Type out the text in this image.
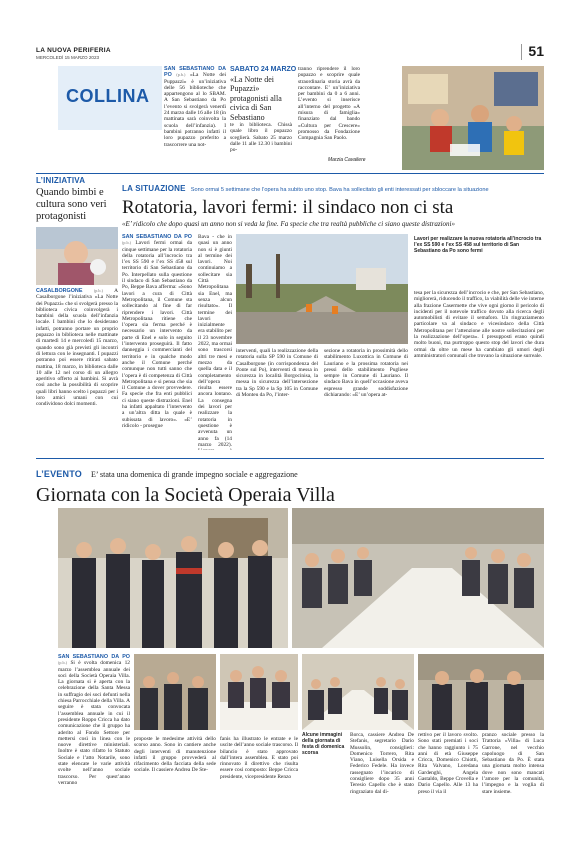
LA NUOVA PERIFERIA
MERCOLEDÌ 15 MARZO 2023	51
COLLINA
SAN SEBASTIANO DA PO (p.b.) «La Notte dei Puppazzi» è un’iniziativa delle 56 biblioteche che appartengono al lo SBAM. A San Sebastiano da Po l’evento si svolgerà venerdì 24 marzo dalle 16 alle 18 (in mattinata sarà coinvolta la scuola dell’infanzia). I bambini potranno infatti il loro pupazzo preferito a trascorrere una not-
SABATO 24 MARZO
«La Notte dei Pupazzi» protagonisti alla civica di San Sebastiano
te in biblioteca. Chissà quale libro il pupazzo sceglierà. Sabato 25 marzo dalle 11 alle 12.30 i bambini po-
tranno riprendere il loro pupazzo e scoprire quale straordinaria storia avrà da raccontare. E’ un’iniziativa per bambini da 0 a 6 anni. L’evento si inserisce all’interno del progetto «A misura di famiglia» finanziato dal bando «Cultura per Crescere» promosso da Fondazione Compagnia San Paolo.
Marzia Cavaliere
L’INIZIATIVA
Quando bimbi e cultura sono veri protagonisti
CASALBORGONE	(p.b.) A Casalborgone l’iniziativa «La Notte dei Pupazzi» che si svolgerà presso la biblioteca civica coinvolgerà i bambini della scuola dell’infanzia locale. I bambini che lo desiderano infatti, potranno portare un proprio pupazzo in biblioteca nelle mattinate di martedì 14 e mercoledì 15 marzo, quando sono già previsti gli incontri di lettura con le insegnanti. I pupazzi potranno poi essere ritirati sabato mattina, 18 marzo, in biblioteca dalle 10 alle 12 nel corso di un allegro aperitivo offerto ai bambini. Si avrà così anche la possibilità di scoprire quali libri hanno scelto i pupazzi per i loro amici umani con cui condividono dolci momenti.
LA SITUAZIONE Sono ormai 5 settimane che l’opera ha subito uno stop. Bava ha sollecitato gli enti interessati per sbloccare la situazione
Rotatoria, lavori fermi: il sindaco non ci sta
«E’ ridicolo che dopo quasi un anno non si veda la fine. Fa specie che tra realtà pubbliche ci siano queste distrazioni»
SAN SEBASTIANO DA PO (p.b.) Lavori fermi ormai da cinque settimane per la rotatoria della rotatoria all’incrocio tra l’ex SS 590 e l’ex SS 458 sul territorio di San Sebastiano da Po. Interpellato sulla questione il sindaco di San Sebastiano da Po, Beppe Bava afferma: «Sono lavori a cura di Città Metropolitana, il Comune sta sollecitando al fine di far riprendere i lavori. Città Metropolitana ritiene che l’opera sia ferma perché è necessario un intervento da parte di Enel e solo in seguito l’intervento proseguirà. Il fatto danneggia i commercianti del territorio e in qualche modo anche il Comune perché comunque non tutti sanno che l’opera è di competenza di Città Metropolitana e si pensa che sia il Comune a dover provvedere. Fa specie che fra enti pubblici ci siano queste distrazioni. Enel ha infatti appaltato l’intervento a un’altra ditta la quale è subissata di lavoro». «E’ ridicolo - prosegue
Bava - che in quasi un anno non si è giunti al termine dei lavori. Noi continuiamo a sollecitare sia Città Metropolitana sia Enel, ma senza alcun risultato». Il termine dei lavori inizialmente era stabilito per il 23 novembre 2022, ma ormai sono trascorsi altri tre mesi e mezzo da quella data e il completamento dell’opera risulta essere ancora lontano. La consegna dei lavori per realizzare la rotatoria in questione è avvenuta un anno fa (14 marzo 2022).
interventi, quali la realizzazione della rotatoria sulla SP 590 in Comune di Casalborgone (in corrispondenza del Ponte sul Po), interventi di messa in sicurezza in località Borgocinisa, la messa in sicurezza dell’intersezione tra la Sp 590 e la Sp 105 in Comune di Monteu da Po, l’inter-
sezione a rotatoria in prossimità dello stabilimento Luxottica in Comune di Lauriano e la prossima rotatoria nei pressi dello stabilimento Pugliese sempre in Comune di Lauriano. Il sindaco Bava in quell’occasione aveva espresso grande soddisfazione dichiarando: «E’ un’opera at-
Lavori per realizzare la nuova rotatoria all’incrocio tra l’ex SS 590 e l’ex SS 458 sul territorio di San Sebastiano da Po sono fermi
tesa per la sicurezza dell’incrocio e che, per San Sebastiano, migliorerà, riducendo il traffico, la viabilità delle vie interne alla frazione Casermette che vive ogni giorno il pericolo di incidenti per il notevole traffico dovuto alla ricerca degli automobilisti di evitare il semaforo. Un ringraziamento particolare va al sindaco e vicesindaco della Città Metropolitana per l’attenzione alle nostre sollecitazioni per la realizzazione dell’opera». I presupposti erano quindi molto buoni, ma purtroppo questo stop del lavori che dura ormai da oltre un mese ha cambiato gli umori degli amministratori comunali che trovano la situazione surreale.
L’EVENTO E’ stata una domenica di grande impegno sociale e aggregazione
Giornata con la Società Operaia Villa
SAN SEBASTIANO DA PO (p.b.) Si è svolta domenica 12 marzo l’assemblea annuale dei soci della Società Operaia Villa. La giornata si è aperta con la celebrazione della Santa Messa in suffragio dei soci defunti nella chiesa Parrocchiale della Villa. A seguire è stata convocata l’assemblea annuale in cui il presidente Roppo Cricca ha dato comunicazione che il gruppo ha aderito al Fondo Settore per mettersi così in linea con le nuove direttive ministeriali. Inoltre è stato rifatto lo Statuto Sociale e l’atto Notarile, sono state elencate le varie attività svolte nell’anno sociale trascorso. Per quest’anno verranno
Alcune immagini della giornata di festa di domenica scorsa
proposte le medesime attività dello scorso anno. Sono in cantiere anche degli interventi di manutenzione infatti il gruppo provvederà al rifacimento della facciata della sede sociale. Il cassiere Andrea De Ste-
fanis ha illustrato le entrate e le uscite dell’anno sociale trascorso. Il bilancio è stato approvato dall’intera assemblea. E stato poi rinnovato il direttivo che risulta essere così composto: Beppe Cricca presidente, vicepresidente Renzo
Borca, cassiere Andrea De Stefanis, segretario Dario Mussolin, consiglieri: Domenico Torrero, Rita Viano, Luisella Orsida e Federico Fedele. Ha invece rassegnato l’incarico di consigliere dopo 35 anni Teresio Capello che è stato ringraziato dal di-
rettivo per il lavoro svolto. Sono stati premiati i soci che hanno raggiunto i 75 anni di età Giuseppe Cricca, Domenico Chiotti, Rita Valvano, Loredana Gardenghi, Angela Gastaldo, Beppe Crovella e Dario Capello. Alle 13 ha preso il via il
pranzo sociale presso la Trattoria «Villa» di Luca Garrone, nel vecchio capoluogo di San Sebastiano da Po. È stata una giornata molto intensa dove non sono mancati l’amore per la comunità, l’impegno e la voglia di stare insieme.
